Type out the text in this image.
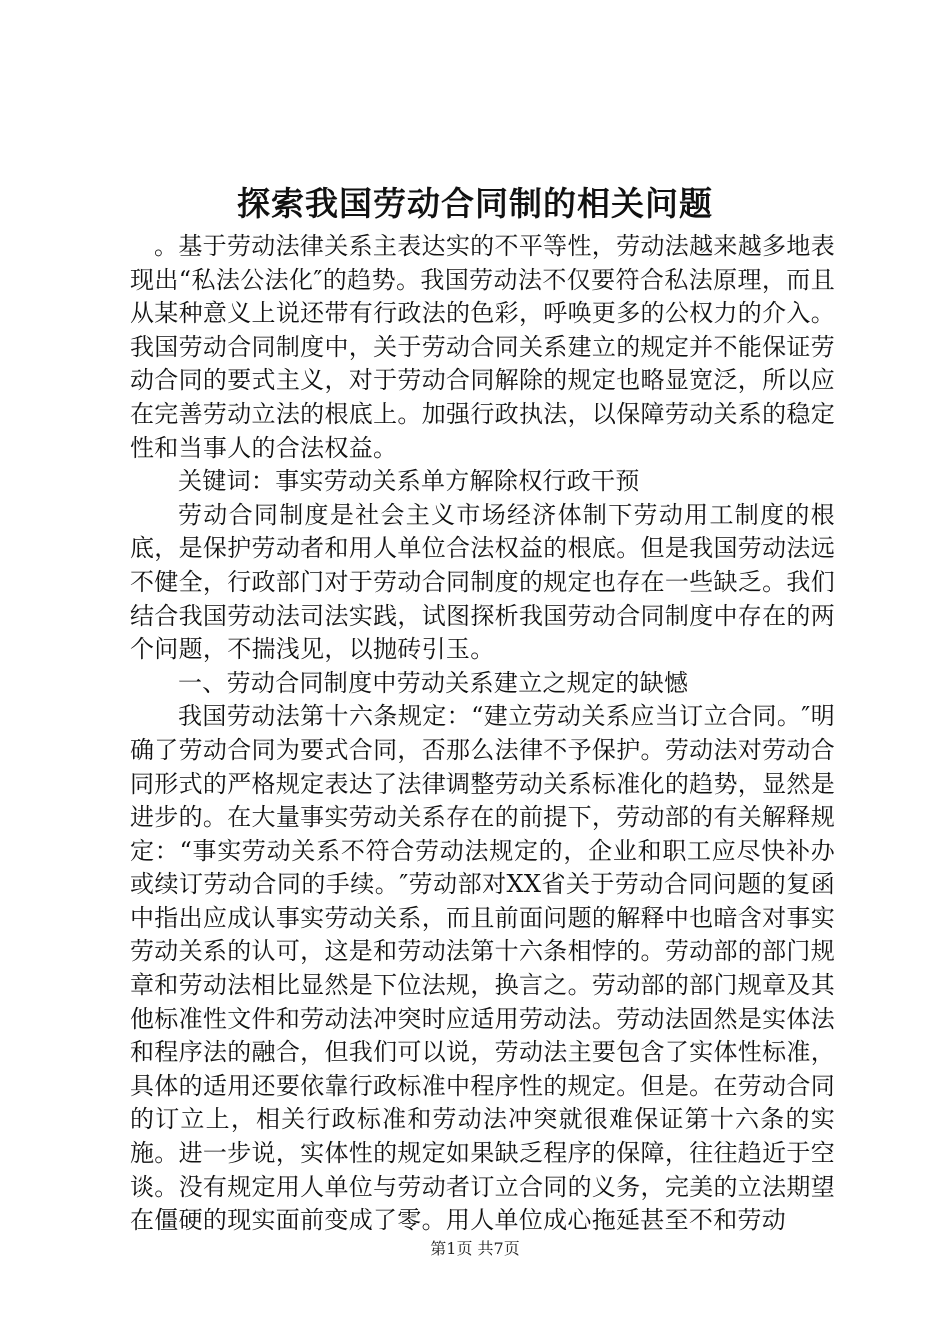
探索我国劳动合同制的相关问题

。基于劳动法律关系主表达实的不平等性，劳动法越来越多地表现出“私法公法化″的趋势。我国劳动法不仅要符合私法原理，而且从某种意义上说还带有行政法的色彩，呼唤更多的公权力的介入。我国劳动合同制度中，关于劳动合同关系建立的规定并不能保证劳动合同的要式主义，对于劳动合同解除的规定也略显宽泛，所以应在完善劳动立法的根底上。加强行政执法，以保障劳动关系的稳定性和当事人的合法权益。

关键词：事实劳动关系单方解除权行政干预

劳动合同制度是社会主义市场经济体制下劳动用工制度的根底，是保护劳动者和用人单位合法权益的根底。但是我国劳动法远不健全，行政部门对于劳动合同制度的规定也存在一些缺乏。我们结合我国劳动法司法实践，试图探析我国劳动合同制度中存在的两个问题，不揣浅见，以抛砖引玉。

一、劳动合同制度中劳动关系建立之规定的缺憾

我国劳动法第十六条规定：“建立劳动关系应当订立合同。″明确了劳动合同为要式合同，否那么法律不予保护。劳动法对劳动合同形式的严格规定表达了法律调整劳动关系标准化的趋势，显然是进步的。在大量事实劳动关系存在的前提下，劳动部的有关解释规定：“事实劳动关系不符合劳动法规定的，企业和职工应尽快补办或续订劳动合同的手续。″劳动部对XX省关于劳动合同问题的复函中指出应成认事实劳动关系，而且前面问题的解释中也暗含对事实劳动关系的认可，这是和劳动法第十六条相悖的。劳动部的部门规章和劳动法相比显然是下位法规，换言之。劳动部的部门规章及其他标准性文件和劳动法冲突时应适用劳动法。劳动法固然是实体法和程序法的融合，但我们可以说，劳动法主要包含了实体性标准，具体的适用还要依靠行政标准中程序性的规定。但是。在劳动合同的订立上，相关行政标准和劳动法冲突就很难保证第十六条的实施。进一步说，实体性的规定如果缺乏程序的保障，往往趋近于空谈。没有规定用人单位与劳动者订立合同的义务，完美的立法期望在僵硬的现实面前变成了零。用人单位成心拖延甚至不和劳动

第1页 共7页
